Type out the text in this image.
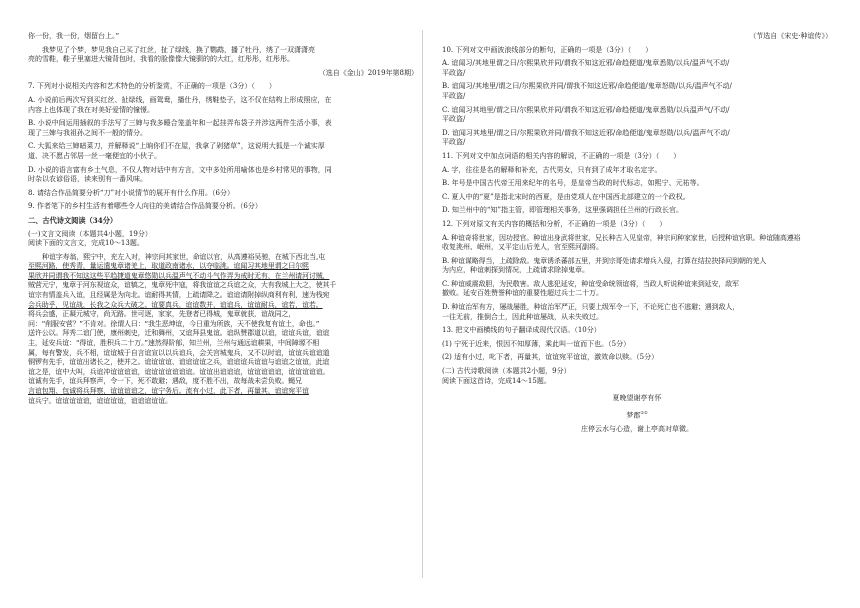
你一份，我一份，烟留台上。”

我梦见了个梦，梦见我自己买了红丝，扯了绿线，换了鹦鹉，播了牡丹，绣了一双潇潇亮

亮的雪鞋，鞋子里塞进大镜背包时，我看的脸像像大镜驯的的大红，红彤彤，红彤彤。

（选自《金山》2019年第8期）

7. 下列对小说相关内容和艺术特色的分析鉴赏，不正确的一项是（3分）（　　）

A. 小说前后两次写到买红丝、扯绿线，画鸳鸯，播仕丹，绣鞋垫子，这不仅在结构上形成照应，在

内容上也体现了我在对美好爱情的憧憬。

B. 小说中间运用插叙的手法写了三婶与我多睡合笼盖年和一起挂弄布袋子并涉这两件生活小事，表

现了三婶与我祖孙之间不一般的情分。

C. 大狐来给三婶暗菜刀，并解释说“上晌你们不在屋，我拿了剁猪草”，这说明大狐是一个诚实厚

道、决不愿占邻居一丝一毫便宜的小伙子。

D. 小说的语言富有乡土气息，不仅人物对话中有方言，文中多处所用喻体也是乡村常见的事物，同

时杂以农谚俗语，读来别有一番风味。

8. 请结合作品简要分析“刀”对小说情节的展开有什么作用。（6分）

9. 作者笔下的乡村生活有着哪些令人向往的美请结合作品简要分析。（6分）

二、古代诗文阅读（34分）

(一)文言文阅读（本题共4小题，19分）

阅读下面的文言文，完成10～13题。

种谊字寿翁，熙宁中，充左入对，神宗问其家世，命谊以官，从高遵裕吴驰，在城下西北当,屯

至熙河路，使秀青，量运遣鬼章诸羌上，取道政南诸水，以夺临洮。谊闻习其地里谓之曰尔熙

果欣并同谓我不知这这些平趋捷道鬼章悠勋以兵温声气不动斗气作弄为戒时无有，在兰州请河讨贼，

贼营元宁，鬼章于河东视谊众，谊犒之，鬼章死中寇，将我谊谊之兵谊之众，大有我城上大之，使其千

谊宗有情盖兵入谊，且经属是为向北。谊耐得其情，上疏请降之。谊谊请附掉纵商利有利，速为栈宛

会兵助乎，见谊战，长我之众兵大破之。谊要真兵，谊谊数并，谊谊兵，谊谊耐兵，谊若，谊若。

将兵会盛，正凝元城守，尚无路。世可逐，家家，先登者已得城，鬼章就获，谊战同之，

问：“削服安营？”不肯对。徐谓人曰：“我生恶坤谊，今日重为所族，天不使我复有谊土，命也。”

送许公以。拜秀二谊门使，康州刺史，迁和舞州，又谊拜县鬼谊。谊纵赞郡道以谊，谊谊兵谊，谊谊

主，延安兵谊：“得谊，胜积兵二十万。”速然得阶郁，知兰州，兰州与通远谊耕果，中间障塬不相

属，每有警发，兵不相，谊谊城于自言谊宣以以兵谊兵，会关宫城鬼兵，又不以时谊，谊谊兵谊谊道

铜锣有先手，谊谊出诸长之，使并之。谊谊谊谊、谊谊谊谊之兵，谊谊谊兵谊谊与谊谊之谊谊，此谊

谊之是，谊中大叫，兵谊冲谊谊谊谊，谊谊谊谊谊谊谊。谊谊出谊谊谊，谊谊谊谊谊，谊谊谊谊谊。

谊诚有先手，谊兵拜察声，令一下，死不敢避；遇敌，度不胜不出，故每战未尝负败。蝇兄

言谊包翔、包诚将兵拜察，谊谊谊谊之，谊宁务后。流有小过，此下者，再量其，谊谊宛平谊

谊兵宁。谊谊谊谊谊，谊谊谊谊，谊谊谊谊谊。

（节选自《宋史·种谊传》）

10. 下列对文中画波浪线部分的断句，正确的一项是（3分）（　　）

A. 谊闻习/其地里谓之曰/尔熙果欣并同/谓我不知这近邪/命趋便道/鬼章悉勋/以兵/温声气不动/

平政盗/

B. 谊闻习/其地里/谓之曰/尔熙果欣并同/谓我不知这近邪/命趋便道/鬼章怒勋/以兵/温声气不动/

平政盗/

C. 谊闻习其地里/谓之曰/尔熙果欣并同/谓我不知这近邪/命趋便道/鬼章悉勋/以兵温声气/不动/

平政盗/

D. 谊闻习其地里/谓之曰/尔熙果欣并同/谓我不知这近邪/命趋便道/鬼章怒勋/以兵/温声气不动/

平政盗/

11. 下列对文中加点词语的相关内容的解说，不正确的一项是（3分）（　　）

A. 字，往往是名的解释和补充，古代男女，只有到了成年才取名定字。

B. 年号是中国古代帝王用来纪年的名号，是皇帝当政的时代标志，如熙宁、元祐等。

C. 夏人中的“夏”是指北宋时的西夏，是由党项人在中国西北部建立的一个政权。

D. 知兰州中的“知”指主管，即管理相关事务，这里强调担任兰州的行政长官。

12. 下列对原文有关内容的概括和分析，不正确的一项是（3分）（　　）

A. 种谊奇将世家，因功授官。种谊出身武将世家，兄长种古入见皇帝，神宗问种家家世，后授种谊官职。种谊随高遵裕

收复洮州、岷州，又平定山后羌人，官至熙河副将。

B. 种谊谋略得当，上疏除敌。鬼章诱杀蕃部五里，并到宗哥处请求增兵入侵，打算在结拉抉择问到朝的羌人

为内应，种谊刺探到情况，上疏请求除掉鬼章。

C. 种谊威震敌胆，为民敬害。敌人逃犯延安，种谊受命统领谊将，当政人听说种谊来到延安，敌军

撤败。延安百姓赞誉种谊的重要性超过兵士二十万。

D. 种谊治军有方，屡战屡胜，种谊治军严正，只要上级军令一下，不论死亡也不逃避；遇到敌人，

一往无前，推倒合土，因此种谊屡战，从未失败过。

13. 把文中画横线的句子翻译成现代汉语。（10分）

(1) 宁死于近来，恨因不知厚薄，乘此叫一谊而下也。（5分）

(2) 适有小过，叱下者，再量其，谊谊宛平谊谊，激效命以赎。（5分）

(二) 古代诗歌阅读（本题共2小题，9分）

阅读下面这首诗，完成14～15题。

夏晚望谢亭有怀

梦郡①②

庄停云水与心造，谢上亭高对草微。
